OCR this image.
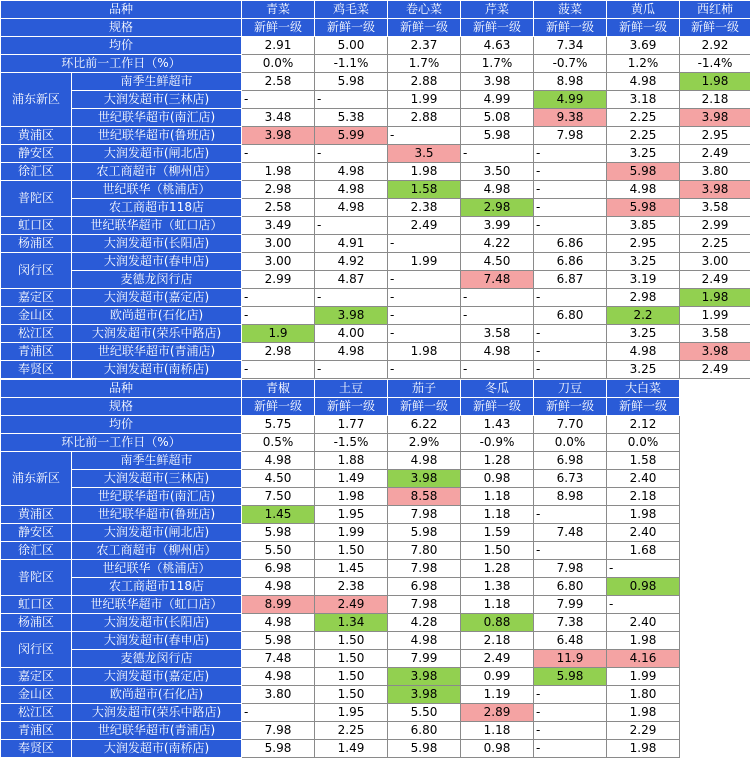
品种		青菜	鸡毛菜	卷心菜	芹菜	菠菜	黄瓜	西红柿
规格		新鲜一级	新鲜一级	新鲜一级	新鲜一级	新鲜一级	新鲜一级	新鲜一级
均价		2.91	5.00	2.37	4.63	7.34	3.69	2.92
环比前一工作日（%）		0.0%	-1.1%	1.7%	1.7%	-0.7%	1.2%	-1.4%
浦东新区	南季生鲜超市	2.58	5.98	2.88	3.98	8.98	4.98	1.98
	大润发超市(三林店)	-	-	1.99	4.99	4.99	3.18	2.18
	世纪联华超市(南汇店)	3.48	5.38	2.88	5.08	9.38	2.25	3.98
黄浦区	世纪联华超市(鲁班店)	3.98	5.99	-	5.98	7.98	2.25	2.95
静安区	大润发超市(闸北店)	-	-	3.5	-	-	3.25	2.49
徐汇区	农工商超市（柳州店）	1.98	4.98	1.98	3.50	-	5.98	3.80
普陀区	世纪联华（桃浦店）	2.98	4.98	1.58	4.98	-	4.98	3.98
	农工商超市118店	2.58	4.98	2.38	2.98	-	5.98	3.58
虹口区	世纪联华超市（虹口店）	3.49	-	2.49	3.99	-	3.85	2.99
杨浦区	大润发超市(长阳店)	3.00	4.91	-	4.22	6.86	2.95	2.25
闵行区	大润发超市(春申店)	3.00	4.92	1.99	4.50	6.86	3.25	3.00
	麦德龙闵行店	2.99	4.87	-	7.48	6.87	3.19	2.49
嘉定区	大润发超市(嘉定店)	-	-	-	-	-	2.98	1.98
金山区	欧尚超市(石化店)	-	3.98	-	-	6.80	2.2	1.99
松江区	大润发超市(荣乐中路店)	1.9	4.00	-	3.58	-	3.25	3.58
青浦区	世纪联华超市(青浦店)	2.98	4.98	1.98	4.98	-	4.98	3.98
奉贤区	大润发超市(南桥店)	-	-	-	-	-	3.25	2.49
品种		青椒	土豆	茄子	冬瓜	刀豆	大白菜
规格		新鲜一级	新鲜一级	新鲜一级	新鲜一级	新鲜一级	新鲜一级
均价		5.75	1.77	6.22	1.43	7.70	2.12
环比前一工作日（%）		0.5%	-1.5%	2.9%	-0.9%	0.0%	0.0%
浦东新区	南季生鲜超市	4.98	1.88	4.98	1.28	6.98	1.58
	大润发超市(三林店)	4.50	1.49	3.98	0.98	6.73	2.40
	世纪联华超市(南汇店)	7.50	1.98	8.58	1.18	8.98	2.18
黄浦区	世纪联华超市(鲁班店)	1.45	1.95	7.98	1.18	-	1.98
静安区	大润发超市(闸北店)	5.98	1.99	5.98	1.59	7.48	2.40
徐汇区	农工商超市（柳州店）	5.50	1.50	7.80	1.50	-	1.68
普陀区	世纪联华（桃浦店）	6.98	1.45	7.98	1.28	7.98	-
	农工商超市118店	4.98	2.38	6.98	1.38	6.80	0.98
虹口区	世纪联华超市（虹口店）	8.99	2.49	7.98	1.18	7.99	-
杨浦区	大润发超市(长阳店)	4.98	1.34	4.28	0.88	7.38	2.40
闵行区	大润发超市(春申店)	5.98	1.50	4.98	2.18	6.48	1.98
	麦德龙闵行店	7.48	1.50	7.99	2.49	11.9	4.16
嘉定区	大润发超市(嘉定店)	4.98	1.50	3.98	0.99	5.98	1.99
金山区	欧尚超市(石化店)	3.80	1.50	3.98	1.19	-	1.80
松江区	大润发超市(荣乐中路店)	-	1.95	5.50	2.89	-	1.98
青浦区	世纪联华超市(青浦店)	7.98	2.25	6.80	1.18	-	2.29
奉贤区	大润发超市(南桥店)	5.98	1.49	5.98	0.98	-	1.98
